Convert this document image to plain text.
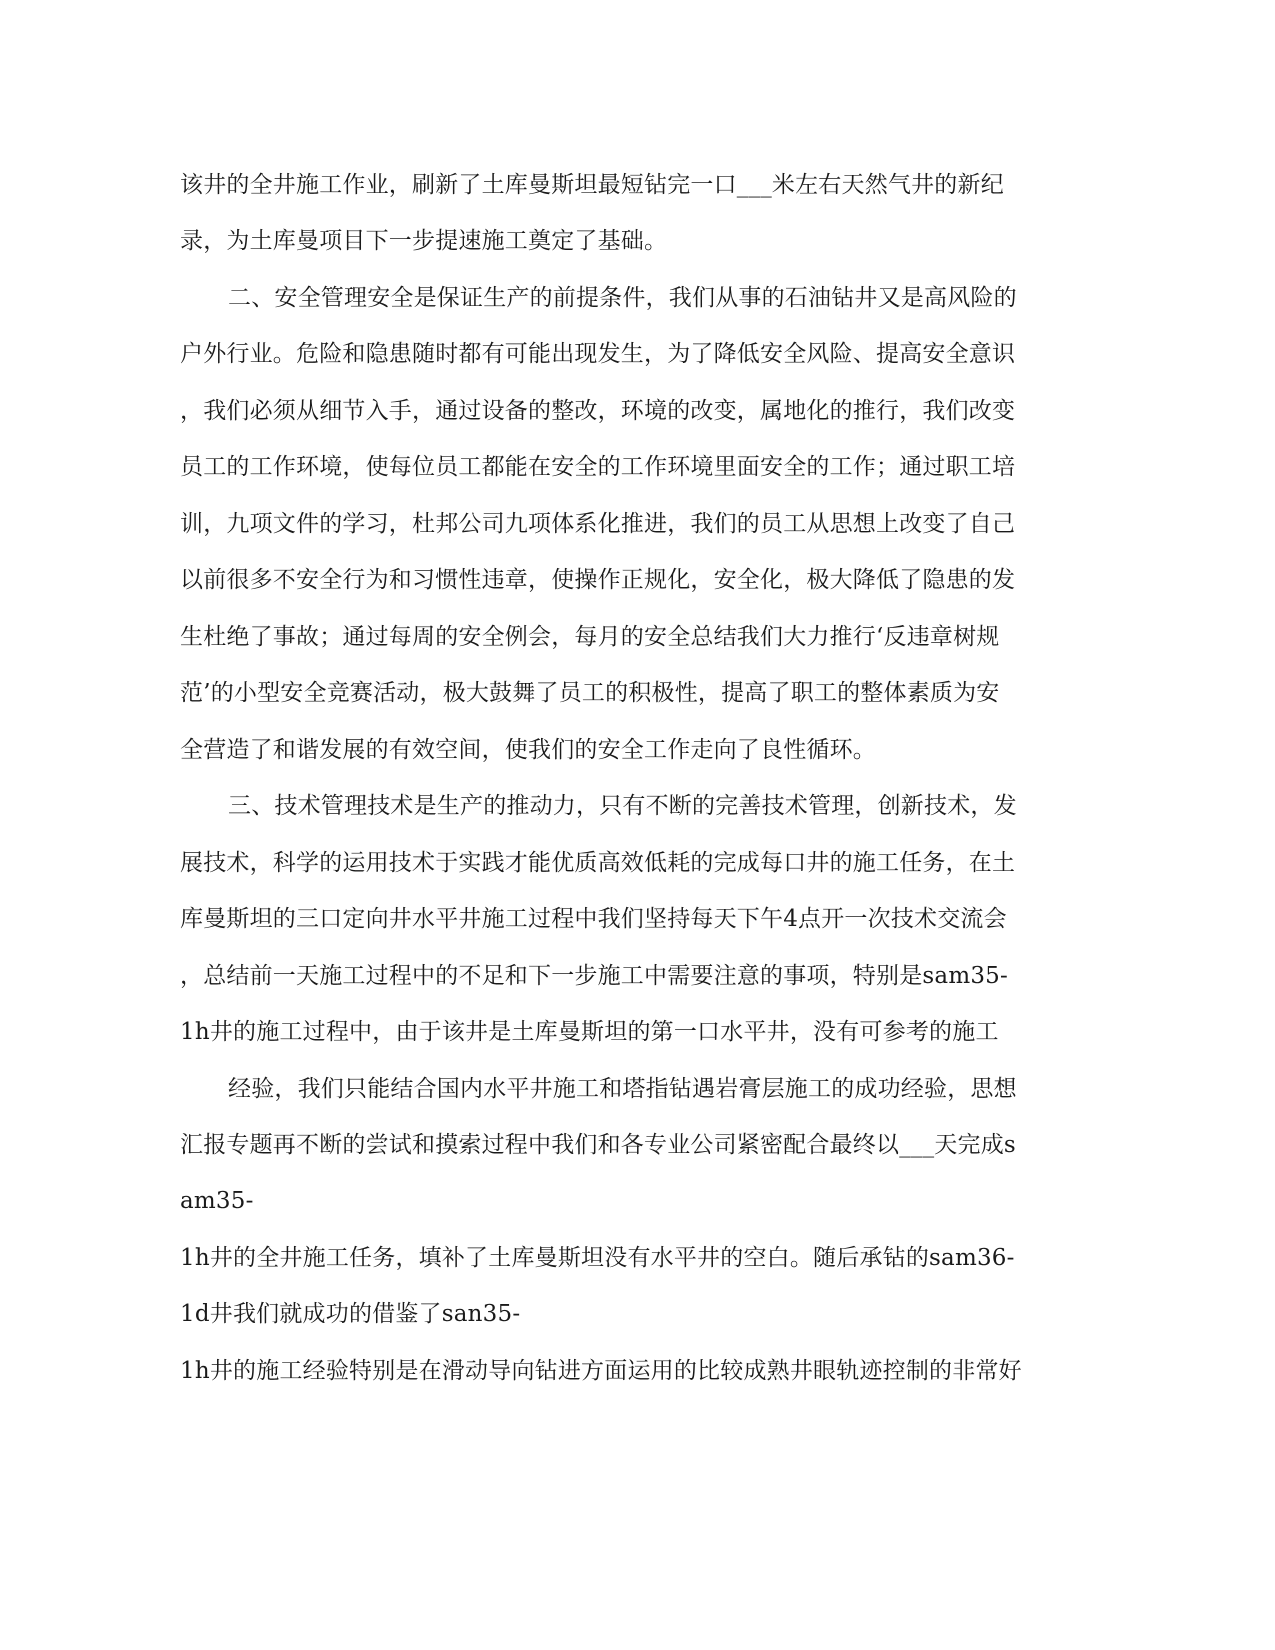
该井的全井施工作业，刷新了土库曼斯坦最短钻完一口___米左右天然气井的新纪
录，为土库曼项目下一步提速施工奠定了基础。
二、安全管理安全是保证生产的前提条件，我们从事的石油钻井又是高风险的
户外行业。危险和隐患随时都有可能出现发生，为了降低安全风险、提高安全意识
，我们必须从细节入手，通过设备的整改，环境的改变，属地化的推行，我们改变
员工的工作环境，使每位员工都能在安全的工作环境里面安全的工作；通过职工培
训，九项文件的学习，杜邦公司九项体系化推进，我们的员工从思想上改变了自己
以前很多不安全行为和习惯性违章，使操作正规化，安全化，极大降低了隐患的发
生杜绝了事故；通过每周的安全例会，每月的安全总结我们大力推行‘反违章树规
范’的小型安全竞赛活动，极大鼓舞了员工的积极性，提高了职工的整体素质为安
全营造了和谐发展的有效空间，使我们的安全工作走向了良性循环。
三、技术管理技术是生产的推动力，只有不断的完善技术管理，创新技术，发
展技术，科学的运用技术于实践才能优质高效低耗的完成每口井的施工任务，在土
库曼斯坦的三口定向井水平井施工过程中我们坚持每天下午4点开一次技术交流会
，总结前一天施工过程中的不足和下一步施工中需要注意的事项，特别是sam35-
1h井的施工过程中，由于该井是土库曼斯坦的第一口水平井，没有可参考的施工
经验，我们只能结合国内水平井施工和塔指钻遇岩膏层施工的成功经验，思想
汇报专题再不断的尝试和摸索过程中我们和各专业公司紧密配合最终以___天完成s
am35-
1h井的全井施工任务，填补了土库曼斯坦没有水平井的空白。随后承钻的sam36-
1d井我们就成功的借鉴了san35-
1h井的施工经验特别是在滑动导向钻进方面运用的比较成熟井眼轨迹控制的非常好
